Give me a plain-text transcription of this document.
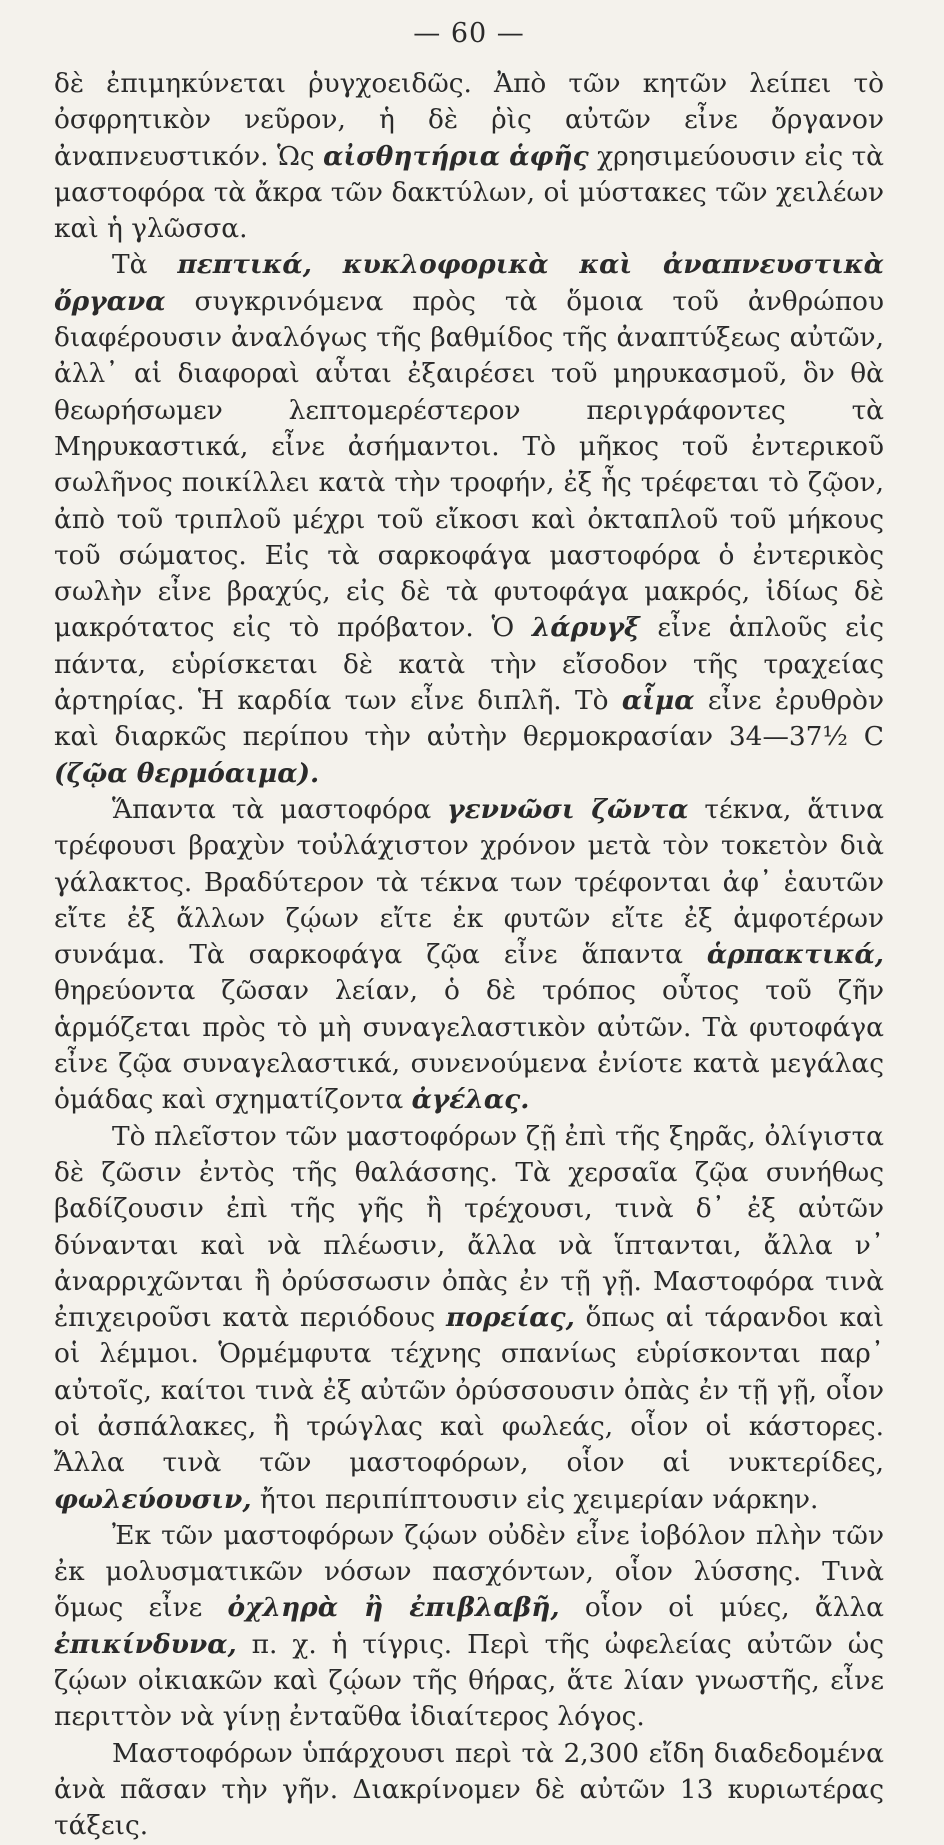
— 60 —

δὲ ἐπιμηκύνεται ῥυγχοειδῶς. Ἀπὸ τῶν κητῶν λείπει τὸ ὀσφρητικὸν νεῦρον, ἡ δὲ ῥὶς αὐτῶν εἶνε ὄργανον ἀναπνευστικόν. Ὡς αἰσθητήρια ἁφῆς χρησιμεύουσιν εἰς τὰ μαστοφόρα τὰ ἄκρα τῶν δακτύλων, οἱ μύστακες τῶν χειλέων καὶ ἡ γλῶσσα.

Τὰ πεπτικά, κυκλοφορικὰ καὶ ἀναπνευστικὰ ὄργανα συγκρινόμενα πρὸς τὰ ὅμοια τοῦ ἀνθρώπου διαφέρουσιν ἀναλόγως τῆς βαθμίδος τῆς ἀναπτύξεως αὐτῶν, ἀλλ᾽ αἱ διαφοραὶ αὗται ἐξαιρέσει τοῦ μηρυκασμοῦ, ὃν θὰ θεωρήσωμεν λεπτομερέστερον περιγράφοντες τὰ Μηρυκαστικά, εἶνε ἀσήμαντοι. Τὸ μῆκος τοῦ ἐντερικοῦ σωλῆνος ποικίλλει κατὰ τὴν τροφήν, ἐξ ἧς τρέφεται τὸ ζῷον, ἀπὸ τοῦ τριπλοῦ μέχρι τοῦ εἴκοσι καὶ ὀκταπλοῦ τοῦ μήκους τοῦ σώματος. Εἰς τὰ σαρκοφάγα μαστοφόρα ὁ ἐντερικὸς σωλὴν εἶνε βραχύς, εἰς δὲ τὰ φυτοφάγα μακρός, ἰδίως δὲ μακρότατος εἰς τὸ πρόβατον. Ὁ λάρυγξ εἶνε ἁπλοῦς εἰς πάντα, εὑρίσκεται δὲ κατὰ τὴν εἴσοδον τῆς τραχείας ἀρτηρίας. Ἡ καρδία των εἶνε διπλῆ. Τὸ αἷμα εἶνε ἐρυθρὸν καὶ διαρκῶς περίπου τὴν αὐτὴν θερμοκρασίαν 34—37½ C (ζῷα θερμόαιμα).

Ἅπαντα τὰ μαστοφόρα γεννῶσι ζῶντα τέκνα, ἅτινα τρέφουσι βραχὺν τοὐλάχιστον χρόνον μετὰ τὸν τοκετὸν διὰ γάλακτος. Βραδύτερον τὰ τέκνα των τρέφονται ἀφ᾽ ἑαυτῶν εἴτε ἐξ ἄλλων ζῴων εἴτε ἐκ φυτῶν εἴτε ἐξ ἀμφοτέρων συνάμα. Τὰ σαρκοφάγα ζῷα εἶνε ἅπαντα ἁρπακτικά, θηρεύοντα ζῶσαν λείαν, ὁ δὲ τρόπος οὗτος τοῦ ζῆν ἁρμόζεται πρὸς τὸ μὴ συναγελαστικὸν αὐτῶν. Τὰ φυτοφάγα εἶνε ζῷα συναγελαστικά, συνενούμενα ἐνίοτε κατὰ μεγάλας ὁμάδας καὶ σχηματίζοντα ἀγέλας.

Τὸ πλεῖστον τῶν μαστοφόρων ζῇ ἐπὶ τῆς ξηρᾶς, ὀλίγιστα δὲ ζῶσιν ἐντὸς τῆς θαλάσσης. Τὰ χερσαῖα ζῷα συνήθως βαδίζουσιν ἐπὶ τῆς γῆς ἢ τρέχουσι, τινὰ δ᾽ ἐξ αὐτῶν δύνανται καὶ νὰ πλέωσιν, ἄλλα νὰ ἵπτανται, ἄλλα ν᾽ ἀναρριχῶνται ἢ ὀρύσσωσιν ὀπὰς ἐν τῇ γῇ. Μαστοφόρα τινὰ ἐπιχειροῦσι κατὰ περιόδους πορείας, ὅπως αἱ τάρανδοι καὶ οἱ λέμμοι. Ὁρμέμφυτα τέχνης σπανίως εὑρίσκονται παρ᾽ αὐτοῖς, καίτοι τινὰ ἐξ αὐτῶν ὀρύσσουσιν ὀπὰς ἐν τῇ γῇ, οἷον οἱ ἀσπάλακες, ἢ τρώγλας καὶ φωλεάς, οἷον οἱ κάστορες. Ἄλλα τινὰ τῶν μαστοφόρων, οἷον αἱ νυκτερίδες, φωλεύουσιν, ἤτοι περιπίπτουσιν εἰς χειμερίαν νάρκην.

Ἐκ τῶν μαστοφόρων ζῴων οὐδὲν εἶνε ἰοβόλον πλὴν τῶν ἐκ μολυσματικῶν νόσων πασχόντων, οἷον λύσσης. Τινὰ ὅμως εἶνε ὀχληρὰ ἢ ἐπιβλαβῆ, οἷον οἱ μύες, ἄλλα ἐπικίνδυνα, π. χ. ἡ τίγρις. Περὶ τῆς ὠφελείας αὐτῶν ὡς ζῴων οἰκιακῶν καὶ ζῴων τῆς θήρας, ἅτε λίαν γνωστῆς, εἶνε περιττὸν νὰ γίνῃ ἐνταῦθα ἰδιαίτερος λόγος.

Μαστοφόρων ὑπάρχουσι περὶ τὰ 2,300 εἴδη διαδεδομένα ἀνὰ πᾶσαν τὴν γῆν. Διακρίνομεν δὲ αὐτῶν 13 κυριωτέρας τάξεις.
